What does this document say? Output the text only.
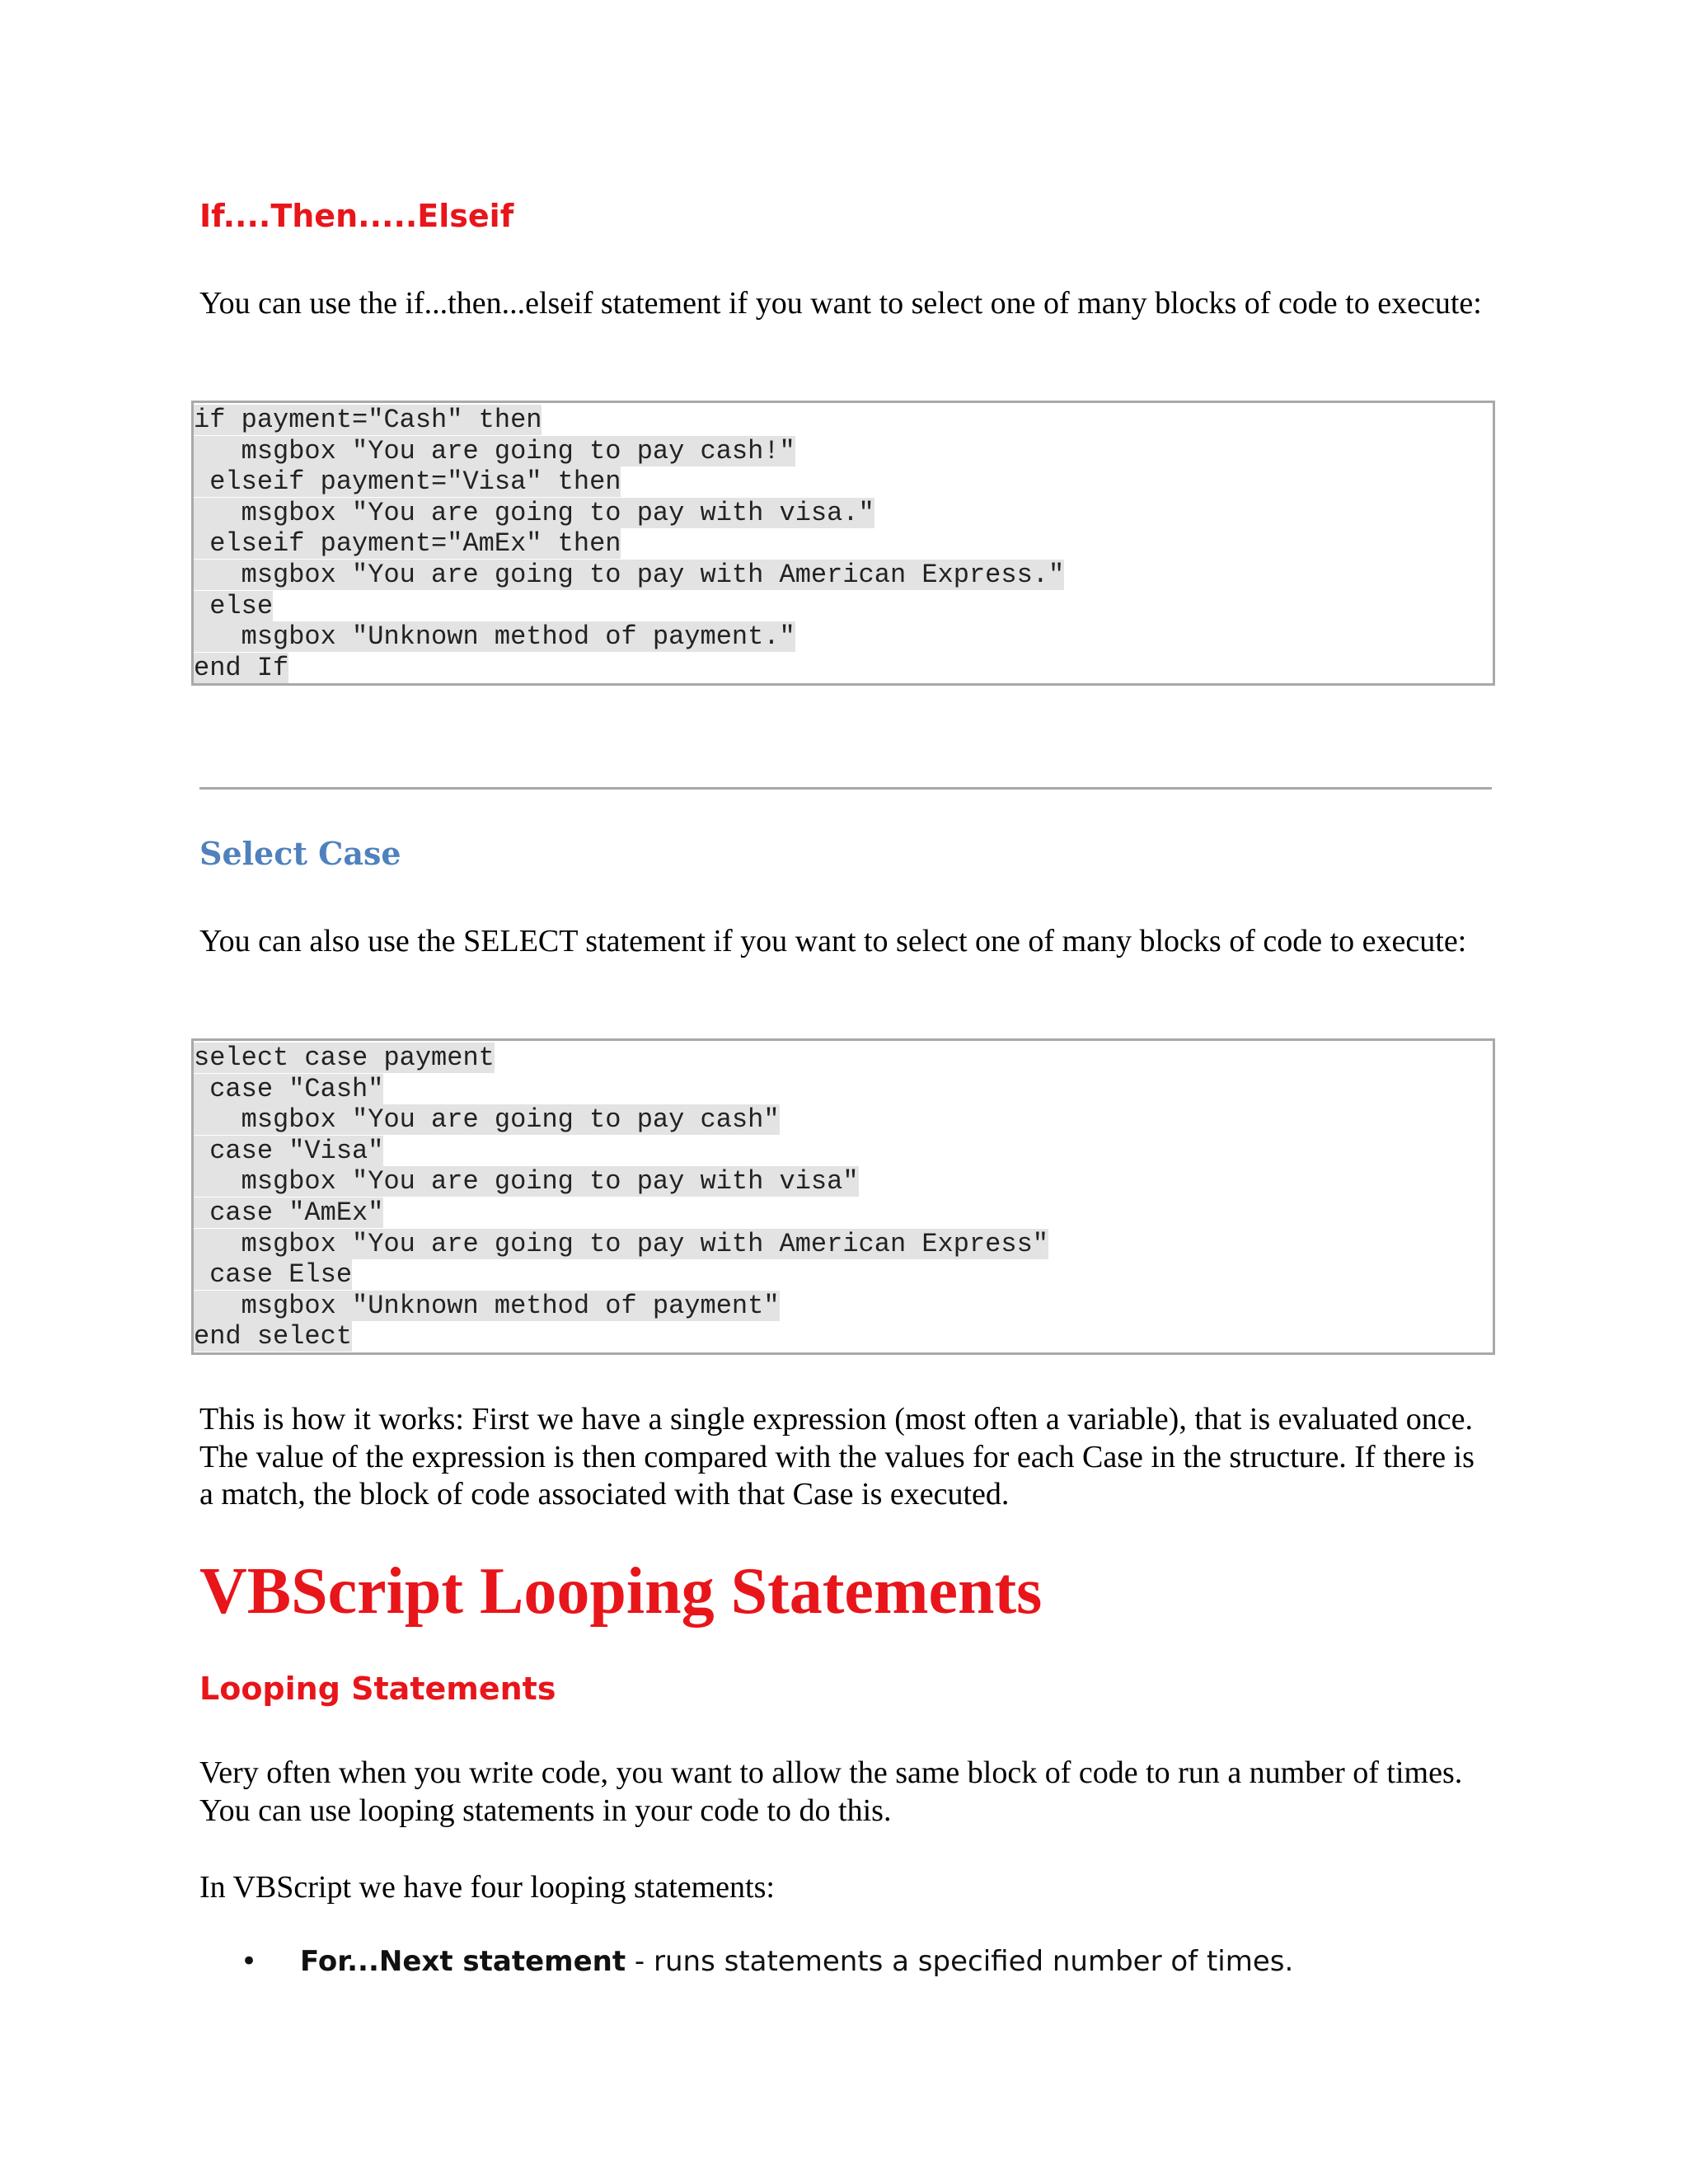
If....Then.....Elseif

You can use the if...then...elseif statement if you want to select one of many blocks of code to execute:

if payment="Cash" then
msgbox "You are going to pay cash!"
elseif payment="Visa" then
msgbox "You are going to pay with visa."
elseif payment="AmEx" then
msgbox "You are going to pay with American Express."
else
msgbox "Unknown method of payment."
end If
Select Case

You can also use the SELECT statement if you want to select one of many blocks of code to execute:

select case payment
case "Cash"
msgbox "You are going to pay cash"
case "Visa"
msgbox "You are going to pay with visa"
case "AmEx"
msgbox "You are going to pay with American Express"
case Else
msgbox "Unknown method of payment"
end select

This is how it works: First we have a single expression (most often a variable), that is evaluated once. The value of the expression is then compared with the values for each Case in the structure. If there is a match, the block of code associated with that Case is executed.

VBScript Looping Statements
Looping Statements

Very often when you write code, you want to allow the same block of code to run a number of times. You can use looping statements in your code to do this.

In VBScript we have four looping statements:

• For...Next statement - runs statements a specified number of times.
